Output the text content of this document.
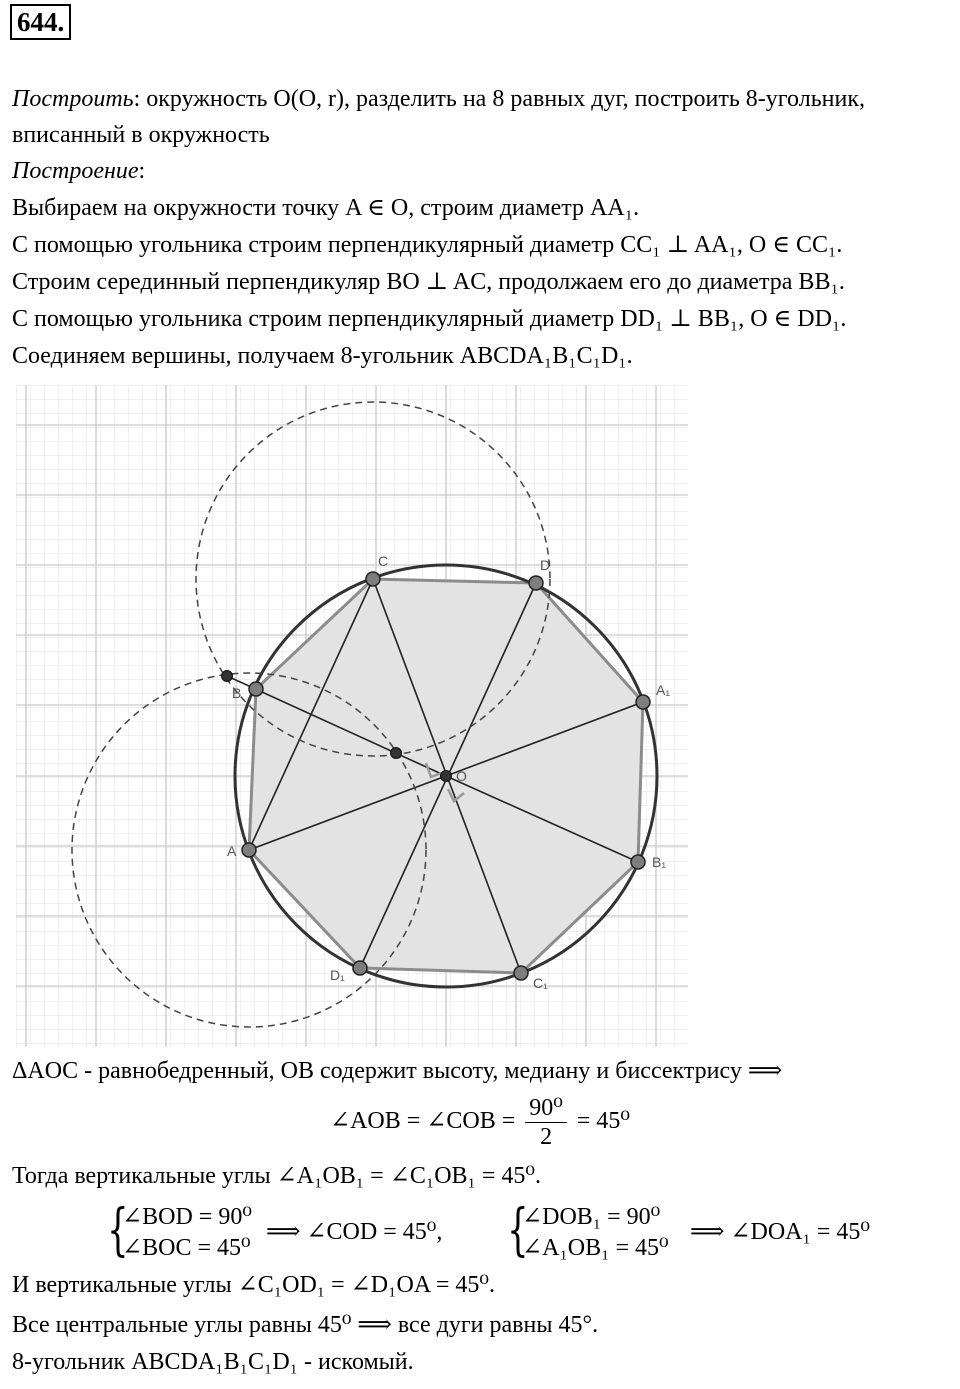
644.
Построить: окружность O(O, r), разделить на 8 равных дуг, построить 8-угольник,
вписанный в окружность
Построение:
Выбираем на окружности точку A ∈ O, строим диаметр AA₁.
С помощью угольника строим перпендикулярный диаметр CC₁ ⊥ AA₁, O ∈ CC₁.
Строим серединный перпендикуляр BO ⊥ AC, продолжаем его до диаметра BB₁.
С помощью угольника строим перпендикулярный диаметр DD₁ ⊥ BB₁, O ∈ DD₁.
Соединяем вершины, получаем 8-угольник ABCDA₁B₁C₁D₁.
C	D
A₁
B₁
C₁
D₁
A
B
O
ΔAOC - равнобедренный, OB содержит высоту, медиану и биссектрису ⟹
∠AOB = ∠COB = $\frac{\text{90⁰}}{2} = 45^0$
Тогда вертикальные углы ∠A₁OB₁ = ∠C₁OB₁ = 45⁰.
{
∠BOD = 90⁰
∠BOC = 45⁰
⟹ ∠COD = 45⁰, {
∠DOB₁ = 90⁰
∠A₁OB₁ = 45⁰
⟹ ∠DOA₁ = 45⁰
И вертикальные углы ∠C₁OD₁ = ∠D₁OA = 45⁰.
Все центральные углы равны 45⁰ ⟹ все дуги равны 45°.
8-угольник ABCDA₁B₁C₁D₁ - искомый.
